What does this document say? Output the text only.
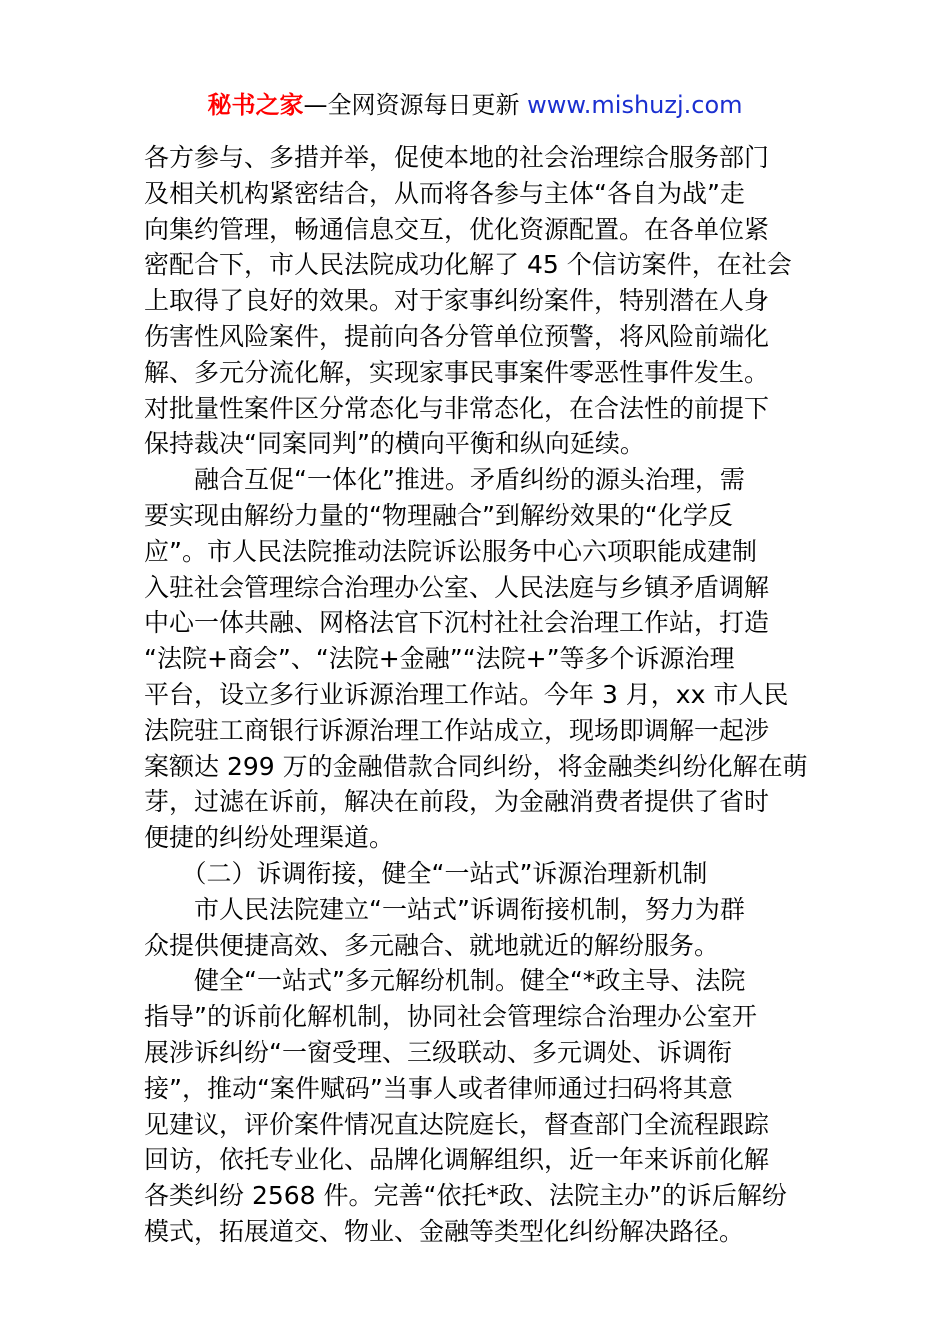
秘书之家—全网资源每日更新 www.mishuzj.com
各方参与、多措并举，促使本地的社会治理综合服务部门
及相关机构紧密结合，从而将各参与主体“各自为战”走
向集约管理，畅通信息交互，优化资源配置。在各单位紧
密配合下，市人民法院成功化解了 45 个信访案件，在社会
上取得了良好的效果。对于家事纠纷案件，特别潜在人身
伤害性风险案件，提前向各分管单位预警，将风险前端化
解、多元分流化解，实现家事民事案件零恶性事件发生。
对批量性案件区分常态化与非常态化，在合法性的前提下
保持裁决“同案同判”的横向平衡和纵向延续。
　　融合互促“一体化”推进。矛盾纠纷的源头治理，需
要实现由解纷力量的“物理融合”到解纷效果的“化学反
应”。市人民法院推动法院诉讼服务中心六项职能成建制
入驻社会管理综合治理办公室、人民法庭与乡镇矛盾调解
中心一体共融、网格法官下沉村社社会治理工作站，打造
“法院+商会”、“法院+金融”“法院+”等多个诉源治理
平台，设立多行业诉源治理工作站。今年 3 月，xx 市人民
法院驻工商银行诉源治理工作站成立，现场即调解一起涉
案额达 299 万的金融借款合同纠纷，将金融类纠纷化解在萌
芽，过滤在诉前，解决在前段，为金融消费者提供了省时
便捷的纠纷处理渠道。
　　（二）诉调衔接，健全“一站式”诉源治理新机制
　　市人民法院建立“一站式”诉调衔接机制，努力为群
众提供便捷高效、多元融合、就地就近的解纷服务。
　　健全“一站式”多元解纷机制。健全“*政主导、法院
指导”的诉前化解机制，协同社会管理综合治理办公室开
展涉诉纠纷“一窗受理、三级联动、多元调处、诉调衔
接”，推动“案件赋码”当事人或者律师通过扫码将其意
见建议，评价案件情况直达院庭长，督查部门全流程跟踪
回访，依托专业化、品牌化调解组织，近一年来诉前化解
各类纠纷 2568 件。完善“依托*政、法院主办”的诉后解纷
模式，拓展道交、物业、金融等类型化纠纷解决路径。
